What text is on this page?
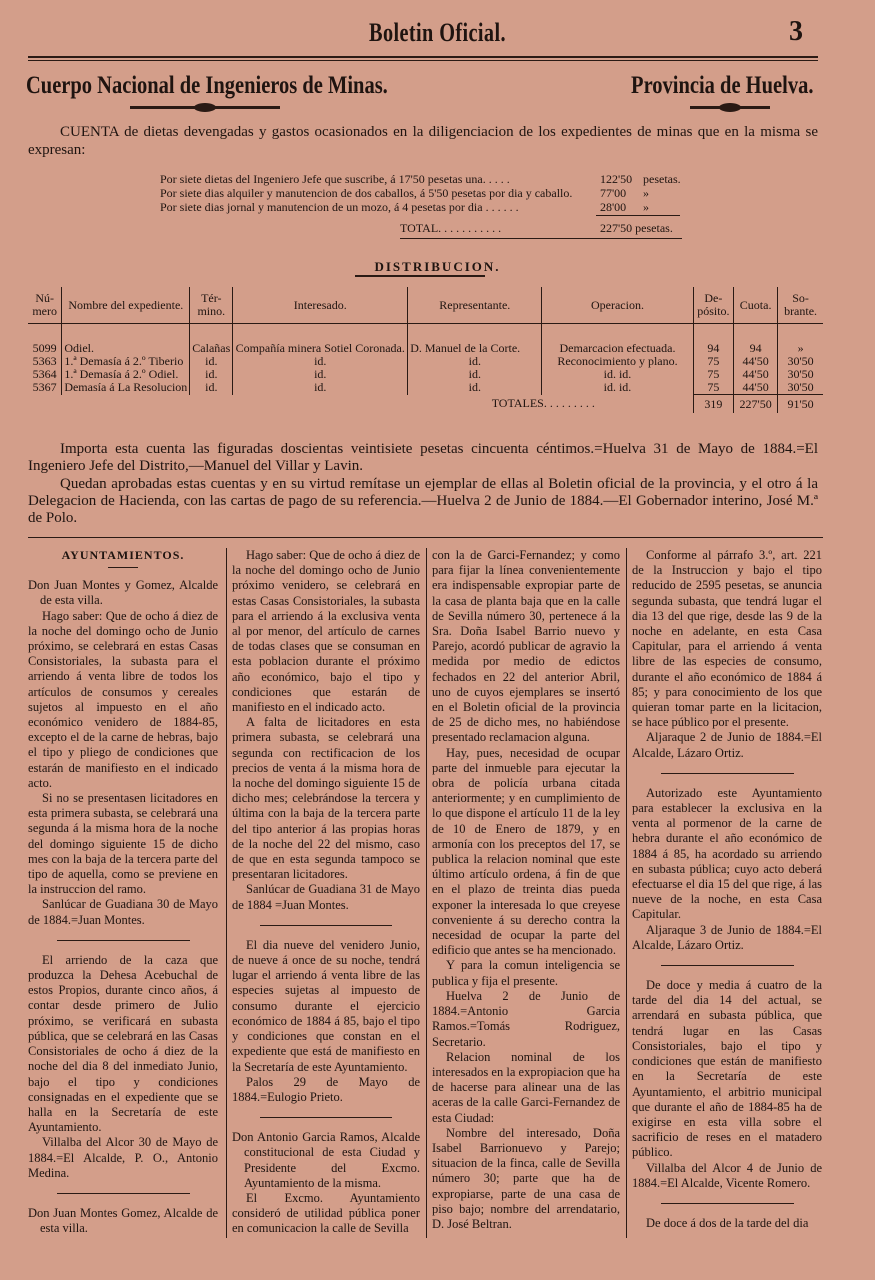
Boletin Oficial.	3
Cuerpo Nacional de Ingenieros de Minas.	Provincia de Huelva.
CUENTA de dietas devengadas y gastos ocasionados en la diligenciacion de los expedientes de minas que en la misma se expresan:
Por siete dietas del Ingeniero Jefe que suscribe, á 17'50 pesetas una. . . . .	122'50 pesetas.
Por siete dias alquiler y manutencion de dos caballos, á 5'50 pesetas por dia y caballo. 77'00 »
Por siete dias jornal y manutencion de un mozo, á 4 pesetas por dia . . . . . .	28'00 »
TOTAL. . . . . . . . . . .	227'50 pesetas.
DISTRIBUCION.
Nú-mero	Nombre del expediente.	Tér-mino.	Interesado.	Representante.	Operacion.	De-pósito.	Cuota.	So-brante.

5099	Odiel.	Calañas	Compañía minera Sotiel Coronada.	D. Manuel de la Corte.	Demarcacion efectuada.	94	94	»
5363	1.ª Demasía á 2.º Tiberio	id.	id.	id.	Reconocimiento y plano.	75	44'50	30'50
5364	1.ª Demasía á 2.º Odiel.	id.	id.	id.	id. id.	75	44'50	30'50
5367	Demasía á La Resolucion	id.	id.	id.	id. id.	75	44'50	30'50
				TOTALES. . . . . . . . .		319	227'50	91'50
Importa esta cuenta las figuradas doscientas veintisiete pesetas cincuenta céntimos.=Huelva 31 de Mayo de 1884.=El Ingeniero Jefe del Distrito,—Manuel del Villar y Lavin.
Quedan aprobadas estas cuentas y en su virtud remítase un ejemplar de ellas al Boletin oficial de la provincia, y el otro á la Delegacion de Hacienda, con las cartas de pago de su referencia.—Huelva 2 de Junio de 1884.—El Gobernador interino, José M.ª de Polo.

AYUNTAMIENTOS.

Don Juan Montes y Gomez, Alcalde de esta villa.

Hago saber: Que de ocho á diez de la noche del domingo ocho de Junio próximo, se celebrará en estas Casas Consistoriales, la subasta para el arriendo á venta libre de todos los artículos de consumos y cereales sujetos al impuesto en el año económico venidero de 1884-85, excepto el de la carne de hebras, bajo el tipo y pliego de condiciones que estarán de manifiesto en el indicado acto.

Si no se presentasen licitadores en esta primera subasta, se celebrará una segunda á la misma hora de la noche del domingo siguiente 15 de dicho mes con la baja de la tercera parte del tipo de aquella, como se previene en la instruccion del ramo.

Sanlúcar de Guadiana 30 de Mayo de 1884.=Juan Montes.

El arriendo de la caza que produzca la Dehesa Acebuchal de estos Propios, durante cinco años, á contar desde primero de Julio próximo, se verificará en subasta pública, que se celebrará en las Casas Consistoriales de ocho á diez de la noche del dia 8 del inmediato Junio, bajo el tipo y condiciones consignadas en el expediente que se halla en la Secretaría de este Ayuntamiento.

Villalba del Alcor 30 de Mayo de 1884.=El Alcalde, P. O., Antonio Medina.

Don Juan Montes Gomez, Alcalde de esta villa.

Hago saber: Que de ocho á diez de la noche del domingo ocho de Junio próximo venidero, se celebrará en estas Casas Consistoriales, la subasta para el arriendo á la exclusiva venta al por menor, del artículo de carnes de todas clases que se consuman en esta poblacion durante el próximo año económico, bajo el tipo y condiciones que estarán de manifiesto en el indicado acto.

A falta de licitadores en esta primera subasta, se celebrará una segunda con rectificacion de los precios de venta á la misma hora de la noche del domingo siguiente 15 de dicho mes; celebrándose la tercera y última con la baja de la tercera parte del tipo anterior á las propias horas de la noche del 22 del mismo, caso de que en esta segunda tampoco se presentaran licitadores.

Sanlúcar de Guadiana 31 de Mayo de 1884 =Juan Montes.

El dia nueve del venidero Junio, de nueve á once de su noche, tendrá lugar el arriendo á venta libre de las especies sujetas al impuesto de consumo durante el ejercicio económico de 1884 á 85, bajo el tipo y condiciones que constan en el expediente que está de manifiesto en la Secretaría de este Ayuntamiento.

Palos 29 de Mayo de 1884.=Eulogio Prieto.

Don Antonio Garcia Ramos, Alcalde constitucional de esta Ciudad y Presidente del Excmo. Ayuntamiento de la misma.

El Excmo. Ayuntamiento consideró de utilidad pública poner en comunicacion la calle de Sevilla

con la de Garci-Fernandez; y como para fijar la línea convenientemente era indispensable expropiar parte de la casa de planta baja que en la calle de Sevilla número 30, pertenece á la Sra. Doña Isabel Barrio nuevo y Parejo, acordó publicar de agravio la medida por medio de edictos fechados en 22 del anterior Abril, uno de cuyos ejemplares se insertó en el Boletin oficial de la provincia de 25 de dicho mes, no habiéndose presentado reclamacion alguna.

Hay, pues, necesidad de ocupar parte del inmueble para ejecutar la obra de policía urbana citada anteriormente; y en cumplimiento de lo que dispone el artículo 11 de la ley de 10 de Enero de 1879, y en armonía con los preceptos del 17, se publica la relacion nominal que este último artículo ordena, á fin de que en el plazo de treinta dias pueda exponer la interesada lo que creyese conveniente á su derecho contra la necesidad de ocupar la parte del edificio que antes se ha mencionado.

Y para la comun inteligencia se publica y fija el presente.

Huelva 2 de Junio de 1884.=Antonio Garcia Ramos.=Tomás Rodriguez, Secretario.

Relacion nominal de los interesados en la expropiacion que ha de hacerse para alinear una de las aceras de la calle Garci-Fernandez de esta Ciudad:

Nombre del interesado, Doña Isabel Barrionuevo y Parejo; situacion de la finca, calle de Sevilla número 30; parte que ha de expropiarse, parte de una casa de piso bajo; nombre del arrendatario, D. José Beltran.

Conforme al párrafo 3.º, art. 221 de la Instruccion y bajo el tipo reducido de 2595 pesetas, se anuncia segunda subasta, que tendrá lugar el dia 13 del que rige, desde las 9 de la noche en adelante, en esta Casa Capitular, para el arriendo á venta libre de las especies de consumo, durante el año económico de 1884 á 85; y para conocimiento de los que quieran tomar parte en la licitacion, se hace público por el presente.

Aljaraque 2 de Junio de 1884.=El Alcalde, Lázaro Ortiz.

Autorizado este Ayuntamiento para establecer la exclusiva en la venta al pormenor de la carne de hebra durante el año económico de 1884 á 85, ha acordado su arriendo en subasta pública; cuyo acto deberá efectuarse el dia 15 del que rige, á las nueve de la noche, en esta Casa Capitular.

Aljaraque 3 de Junio de 1884.=El Alcalde, Lázaro Ortiz.

De doce y media á cuatro de la tarde del dia 14 del actual, se arrendará en subasta pública, que tendrá lugar en las Casas Consistoriales, bajo el tipo y condiciones que están de manifiesto en la Secretaría de este Ayuntamiento, el arbitrio municipal que durante el año de 1884-85 ha de exigirse en esta villa sobre el sacrificio de reses en el matadero público.

Villalba del Alcor 4 de Junio de 1884.=El Alcalde, Vicente Romero.

De doce á dos de la tarde del dia
